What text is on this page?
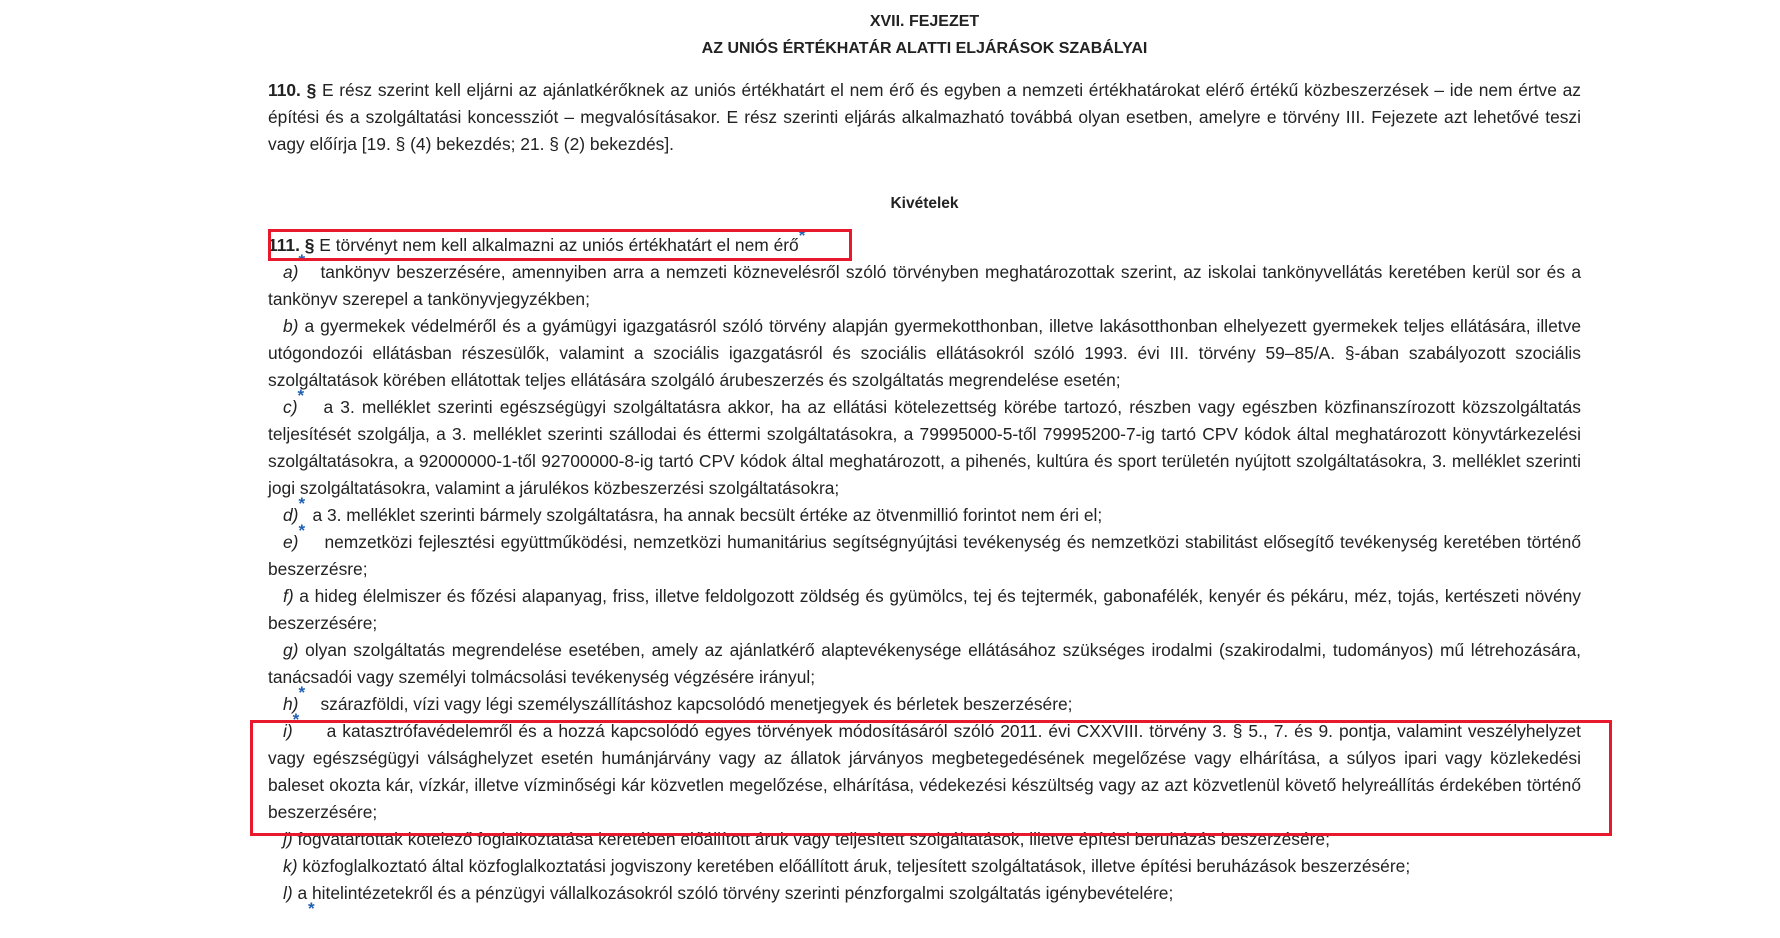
XVII. FEJEZET
AZ UNIÓS ÉRTÉKHATÁR ALATTI ELJÁRÁSOK SZABÁLYAI
110. § E rész szerint kell eljárni az ajánlatkérőknek az uniós értékhatárt el nem érő és egyben a nemzeti értékhatárokat elérő értékű közbeszerzések – ide nem értve az építési és a szolgáltatási koncessziót – megvalósításakor. E rész szerinti eljárás alkalmazható továbbá olyan esetben, amelyre e törvény III. Fejezete azt lehetővé teszi vagy előírja [19. § (4) bekezdés; 21. § (2) bekezdés].
Kivételek
111. § E törvényt nem kell alkalmazni az uniós értékhatárt el nem érő*
a)*tankönyv beszerzésére, amennyiben arra a nemzeti köznevelésről szóló törvényben meghatározottak szerint, az iskolai tankönyvellátás keretében kerül sor és a tankönyv szerepel a tankönyvjegyzékben;
b) a gyermekek védelméről és a gyámügyi igazgatásról szóló törvény alapján gyermekotthonban, illetve lakásotthonban elhelyezett gyermekek teljes ellátására, illetve utógondozói ellátásban részesülők, valamint a szociális igazgatásról és szociális ellátásokról szóló 1993. évi III. törvény 59–85/A. §-ában szabályozott szociális szolgáltatások körében ellátottak teljes ellátására szolgáló árubeszerzés és szolgáltatás megrendelése esetén;
c)*a 3. melléklet szerinti egészségügyi szolgáltatásra akkor, ha az ellátási kötelezettség körébe tartozó, részben vagy egészben közfinanszírozott közszolgáltatás teljesítését szolgálja, a 3. melléklet szerinti szállodai és éttermi szolgáltatásokra, a 79995000-5-től 79995200-7-ig tartó CPV kódok által meghatározott könyvtárkezelési szolgáltatásokra, a 92000000-1-től 92700000-8-ig tartó CPV kódok által meghatározott, a pihenés, kultúra és sport területén nyújtott szolgáltatásokra, 3. melléklet szerinti jogi szolgáltatásokra, valamint a járulékos közbeszerzési szolgáltatásokra;
d)*a 3. melléklet szerinti bármely szolgáltatásra, ha annak becsült értéke az ötvenmillió forintot nem éri el;
e)*nemzetközi fejlesztési együttműködési, nemzetközi humanitárius segítségnyújtási tevékenység és nemzetközi stabilitást elősegítő tevékenység keretében történő beszerzésre;
f) a hideg élelmiszer és főzési alapanyag, friss, illetve feldolgozott zöldség és gyümölcs, tej és tejtermék, gabonafélék, kenyér és pékáru, méz, tojás, kertészeti növény beszerzésére;
g) olyan szolgáltatás megrendelése esetében, amely az ajánlatkérő alaptevékenysége ellátásához szükséges irodalmi (szakirodalmi, tudományos) mű létrehozására, tanácsadói vagy személyi tolmácsolási tevékenység végzésére irányul;
h)*szárazföldi, vízi vagy légi személyszállításhoz kapcsolódó menetjegyek és bérletek beszerzésére;
i)*a katasztrófavédelemről és a hozzá kapcsolódó egyes törvények módosításáról szóló 2011. évi CXXVIII. törvény 3. § 5., 7. és 9. pontja, valamint veszélyhelyzet vagy egészségügyi válsághelyzet esetén humánjárvány vagy az állatok járványos megbetegedésének megelőzése vagy elhárítása, a súlyos ipari vagy közlekedési baleset okozta kár, vízkár, illetve vízminőségi kár közvetlen megelőzése, elhárítása, védekezési készültség vagy az azt közvetlenül követő helyreállítás érdekében történő beszerzésére;
j) fogvatartottak kötelező foglalkoztatása keretében előállított áruk vagy teljesített szolgáltatások, illetve építési beruházás beszerzésére;
k) közfoglalkoztató által közfoglalkoztatási jogviszony keretében előállított áruk, teljesített szolgáltatások, illetve építési beruházások beszerzésére;
l) a hitelintézetekről és a pénzügyi vállalkozásokról szóló törvény szerinti pénzforgalmi szolgáltatás igénybevételére;
*
